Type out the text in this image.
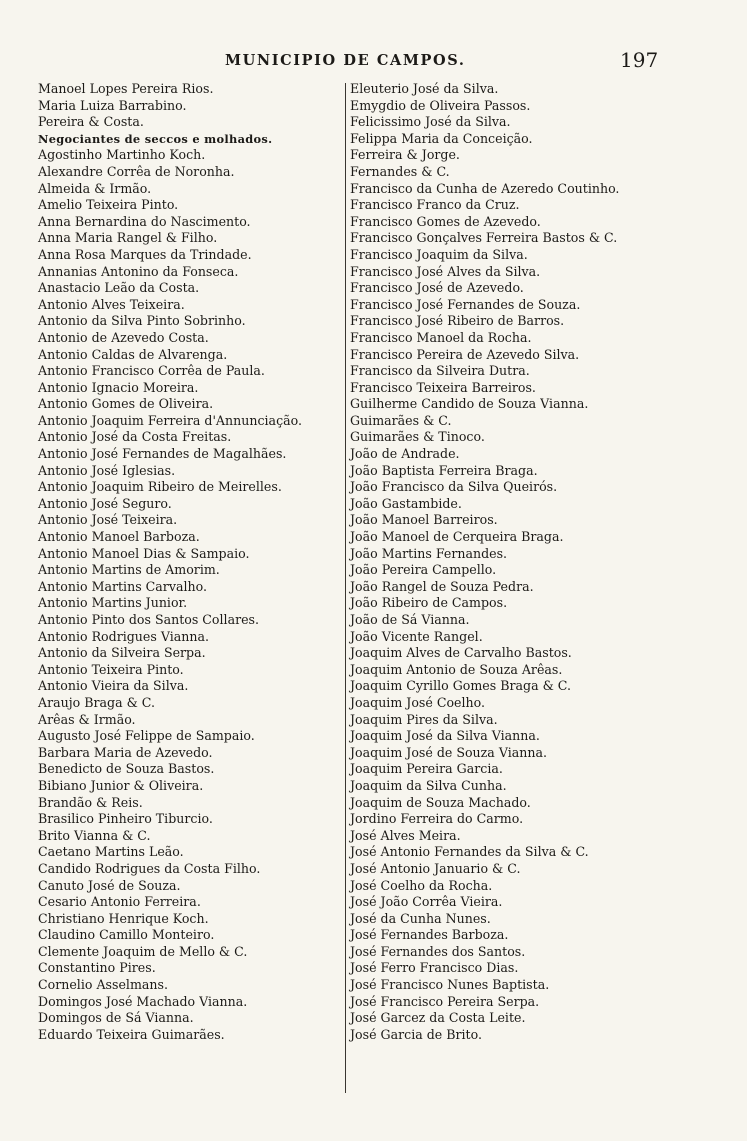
MUNICIPIO DE CAMPOS.	197
Manoel Lopes Pereira Rios.
Maria Luiza Barrabino.
Pereira & Costa.
Negociantes de seccos e molhados.
Agostinho Martinho Koch.
Alexandre Corrêa de Noronha.
Almeida & Irmão.
Amelio Teixeira Pinto.
Anna Bernardina do Nascimento.
Anna Maria Rangel & Filho.
Anna Rosa Marques da Trindade.
Annanias Antonino da Fonseca.
Anastacio Leão da Costa.
Antonio Alves Teixeira.
Antonio da Silva Pinto Sobrinho.
Antonio de Azevedo Costa.
Antonio Caldas de Alvarenga.
Antonio Francisco Corrêa de Paula.
Antonio Ignacio Moreira.
Antonio Gomes de Oliveira.
Antonio Joaquim Ferreira d'Annunciação.
Antonio José da Costa Freitas.
Antonio José Fernandes de Magalhães.
Antonio José Iglesias.
Antonio Joaquim Ribeiro de Meirelles.
Antonio José Seguro.
Antonio José Teixeira.
Antonio Manoel Barboza.
Antonio Manoel Dias & Sampaio.
Antonio Martins de Amorim.
Antonio Martins Carvalho.
Antonio Martins Junior.
Antonio Pinto dos Santos Collares.
Antonio Rodrigues Vianna.
Antonio da Silveira Serpa.
Antonio Teixeira Pinto.
Antonio Vieira da Silva.
Araujo Braga & C.
Arêas & Irmão.
Augusto José Felippe de Sampaio.
Barbara Maria de Azevedo.
Benedicto de Souza Bastos.
Bibiano Junior & Oliveira.
Brandão & Reis.
Brasilico Pinheiro Tiburcio.
Brito Vianna & C.
Caetano Martins Leão.
Candido Rodrigues da Costa Filho.
Canuto José de Souza.
Cesario Antonio Ferreira.
Christiano Henrique Koch.
Claudino Camillo Monteiro.
Clemente Joaquim de Mello & C.
Constantino Pires.
Cornelio Asselmans.
Domingos José Machado Vianna.
Domingos de Sá Vianna.
Eduardo Teixeira Guimarães.
Eleuterio José da Silva.
Emygdio de Oliveira Passos.
Felicissimo José da Silva.
Felippa Maria da Conceição.
Ferreira & Jorge.
Fernandes & C.
Francisco da Cunha de Azeredo Coutinho.
Francisco Franco da Cruz.
Francisco Gomes de Azevedo.
Francisco Gonçalves Ferreira Bastos & C.
Francisco Joaquim da Silva.
Francisco José Alves da Silva.
Francisco José de Azevedo.
Francisco José Fernandes de Souza.
Francisco José Ribeiro de Barros.
Francisco Manoel da Rocha.
Francisco Pereira de Azevedo Silva.
Francisco da Silveira Dutra.
Francisco Teixeira Barreiros.
Guilherme Candido de Souza Vianna.
Guimarães & C.
Guimarães & Tinoco.
João de Andrade.
João Baptista Ferreira Braga.
João Francisco da Silva Queirós.
João Gastambide.
João Manoel Barreiros.
João Manoel de Cerqueira Braga.
João Martins Fernandes.
João Pereira Campello.
João Rangel de Souza Pedra.
João Ribeiro de Campos.
João de Sá Vianna.
João Vicente Rangel.
Joaquim Alves de Carvalho Bastos.
Joaquim Antonio de Souza Arêas.
Joaquim Cyrillo Gomes Braga & C.
Joaquim José Coelho.
Joaquim Pires da Silva.
Joaquim José da Silva Vianna.
Joaquim José de Souza Vianna.
Joaquim Pereira Garcia.
Joaquim da Silva Cunha.
Joaquim de Souza Machado.
Jordino Ferreira do Carmo.
José Alves Meira.
José Antonio Fernandes da Silva & C.
José Antonio Januario & C.
José Coelho da Rocha.
José João Corrêa Vieira.
José da Cunha Nunes.
José Fernandes Barboza.
José Fernandes dos Santos.
José Ferro Francisco Dias.
José Francisco Nunes Baptista.
José Francisco Pereira Serpa.
José Garcez da Costa Leite.
José Garcia de Brito.
